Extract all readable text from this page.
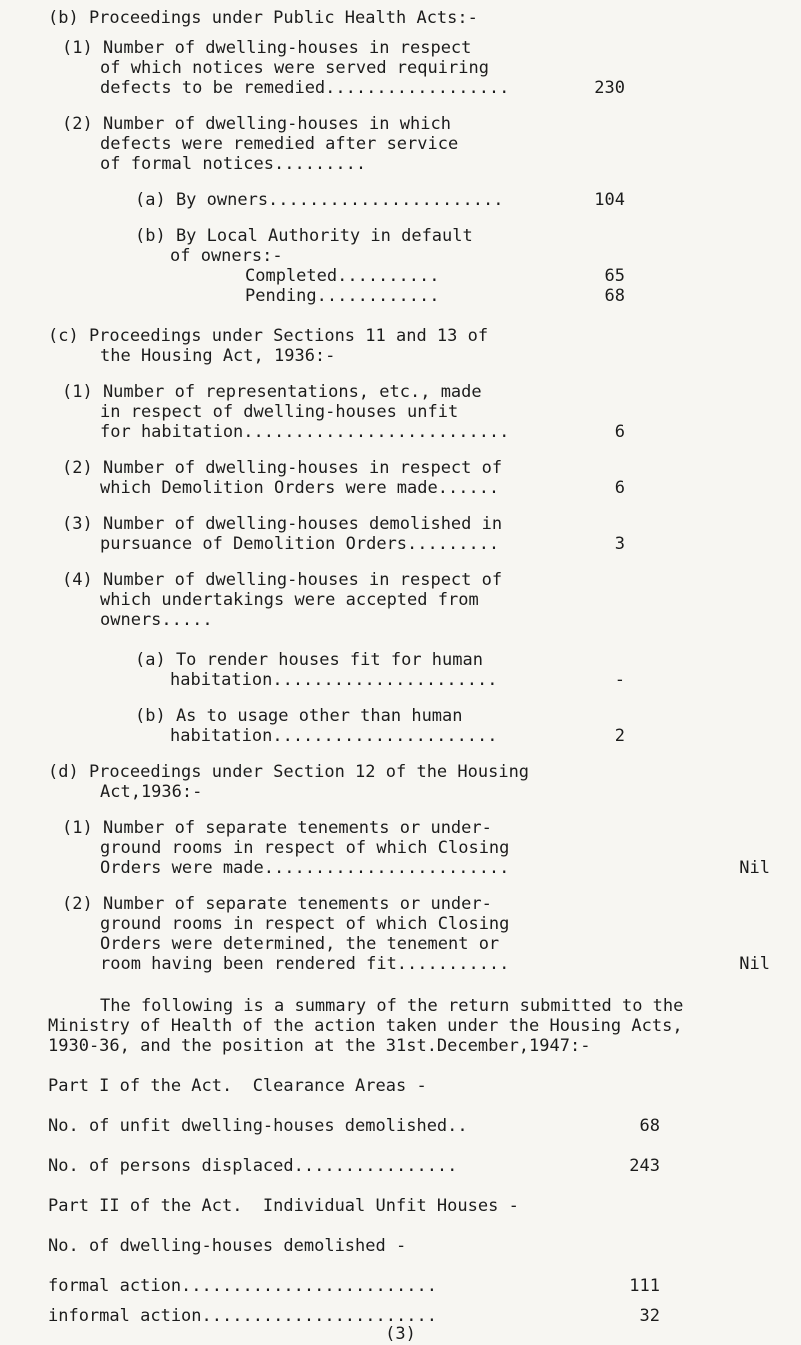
(b) Proceedings under Public Health Acts:-
(1) Number of dwelling-houses in respect
of which notices were served requiring
defects to be remedied..................	230
(2) Number of dwelling-houses in which
defects were remedied after service
of formal notices.........
(a) By owners.......................	104
(b) By Local Authority in default
of owners:-
Completed..........	65
Pending............	68
(c) Proceedings under Sections 11 and 13 of
the Housing Act, 1936:-
(1) Number of representations, etc., made
in respect of dwelling-houses unfit
for habitation..........................	6
(2) Number of dwelling-houses in respect of
which Demolition Orders were made......	6
(3) Number of dwelling-houses demolished in
pursuance of Demolition Orders.........	3
(4) Number of dwelling-houses in respect of
which undertakings were accepted from
owners.....
(a) To render houses fit for human
habitation......................	-
(b) As to usage other than human
habitation......................	2
(d) Proceedings under Section 12 of the Housing
Act,1936:-
(1) Number of separate tenements or under-
ground rooms in respect of which Closing
Orders were made........................	Nil
(2) Number of separate tenements or under-
ground rooms in respect of which Closing
Orders were determined, the tenement or
room having been rendered fit...........	Nil
The following is a summary of the return submitted to the
Ministry of Health of the action taken under the Housing Acts,
1930-36, and the position at the 31st.December,1947:-
Part I of the Act.  Clearance Areas -
No. of unfit dwelling-houses demolished..	68
No. of persons displaced................	243
Part II of the Act.  Individual Unfit Houses -
No. of dwelling-houses demolished -
formal action.........................	111
informal action.......................	32
(3)
